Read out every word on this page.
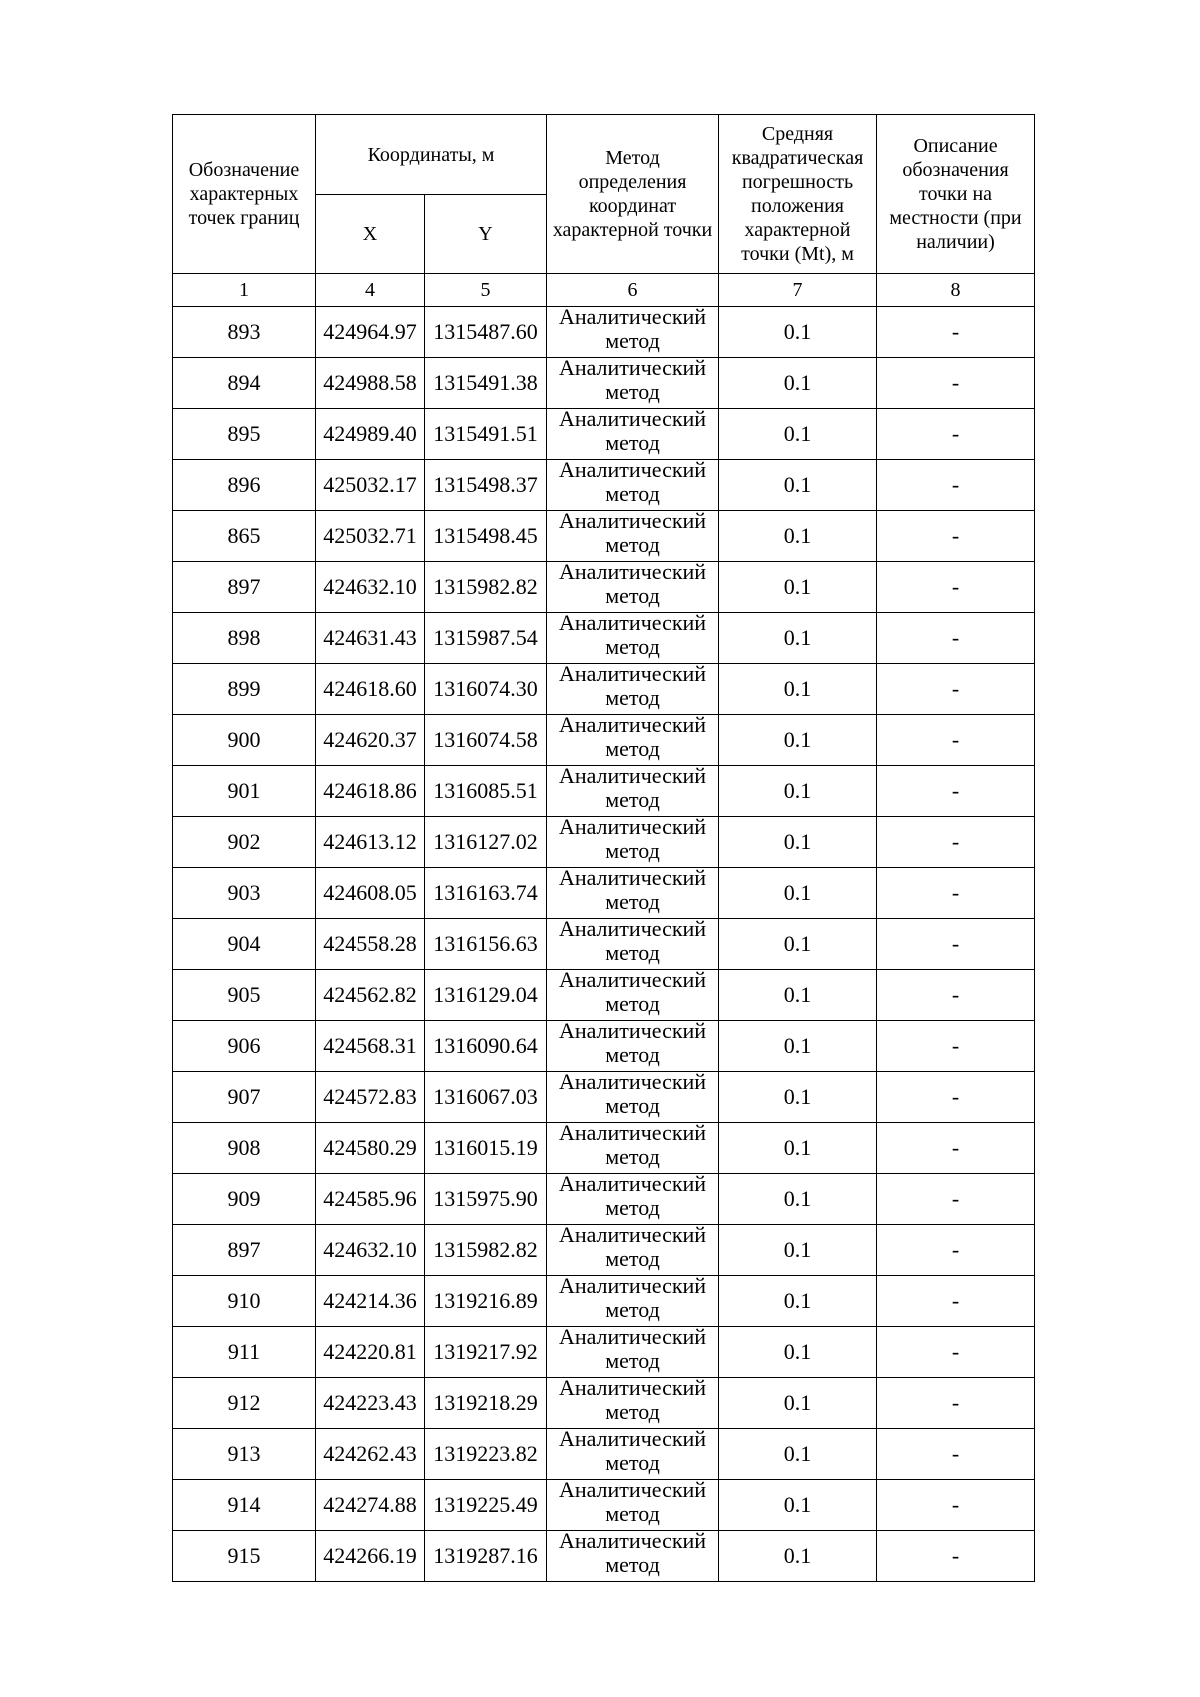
Обозначение характерных точек границ	Координаты, м		Метод определения координат характерной точки	Средняя квадратическая погрешность положения характерной точки (Mt), м	Описание обозначения точки на местности (при наличии)
	X	Y			
1	4	5	6	7	8
893	424964.97	1315487.60	Аналитический метод	0.1	-
894	424988.58	1315491.38	Аналитический метод	0.1	-
895	424989.40	1315491.51	Аналитический метод	0.1	-
896	425032.17	1315498.37	Аналитический метод	0.1	-
865	425032.71	1315498.45	Аналитический метод	0.1	-
897	424632.10	1315982.82	Аналитический метод	0.1	-
898	424631.43	1315987.54	Аналитический метод	0.1	-
899	424618.60	1316074.30	Аналитический метод	0.1	-
900	424620.37	1316074.58	Аналитический метод	0.1	-
901	424618.86	1316085.51	Аналитический метод	0.1	-
902	424613.12	1316127.02	Аналитический метод	0.1	-
903	424608.05	1316163.74	Аналитический метод	0.1	-
904	424558.28	1316156.63	Аналитический метод	0.1	-
905	424562.82	1316129.04	Аналитический метод	0.1	-
906	424568.31	1316090.64	Аналитический метод	0.1	-
907	424572.83	1316067.03	Аналитический метод	0.1	-
908	424580.29	1316015.19	Аналитический метод	0.1	-
909	424585.96	1315975.90	Аналитический метод	0.1	-
897	424632.10	1315982.82	Аналитический метод	0.1	-
910	424214.36	1319216.89	Аналитический метод	0.1	-
911	424220.81	1319217.92	Аналитический метод	0.1	-
912	424223.43	1319218.29	Аналитический метод	0.1	-
913	424262.43	1319223.82	Аналитический метод	0.1	-
914	424274.88	1319225.49	Аналитический метод	0.1	-
915	424266.19	1319287.16	Аналитический метод	0.1	-
